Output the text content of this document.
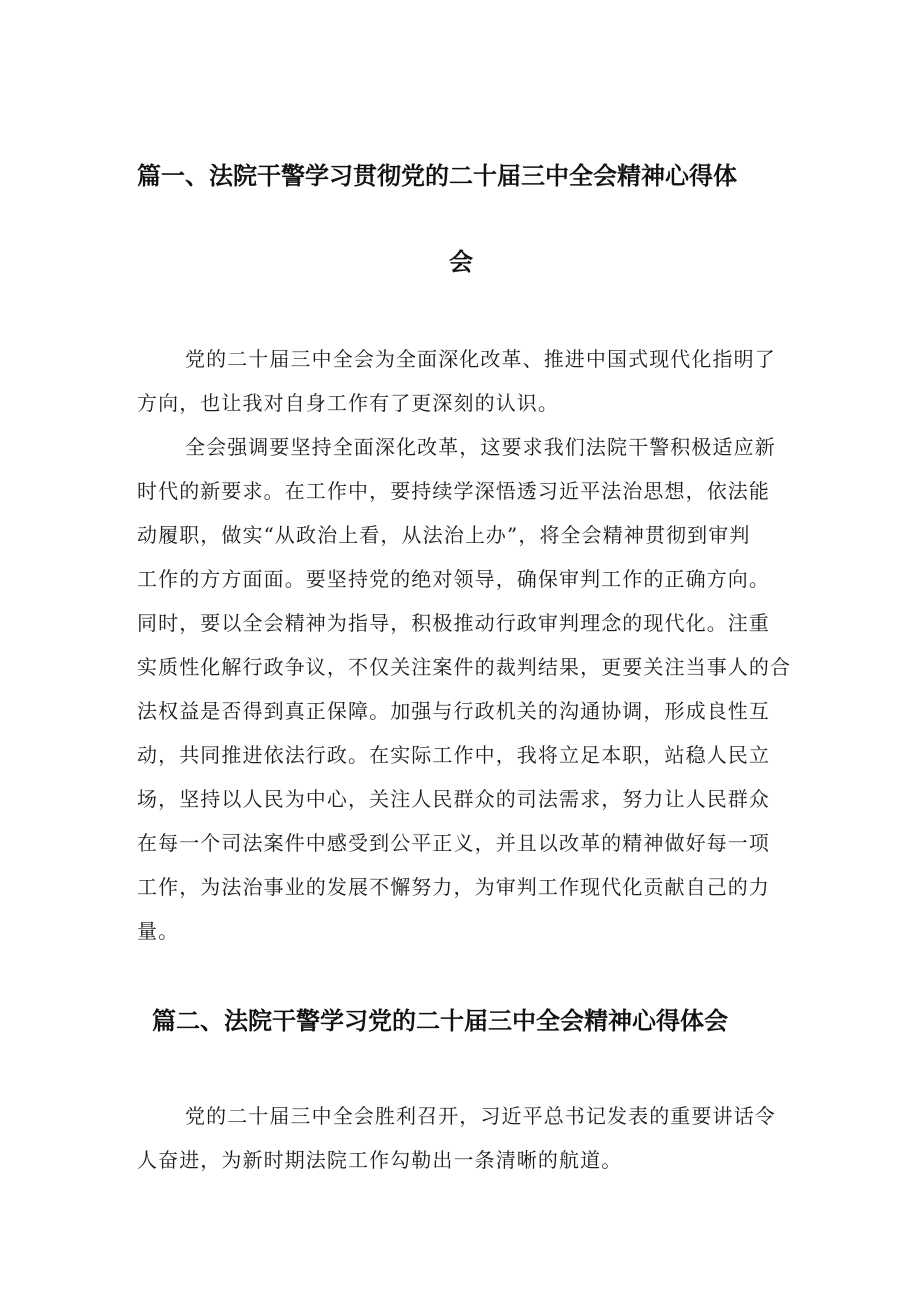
篇一、法院干警学习贯彻党的二十届三中全会精神心得体
会

党的二十届三中全会为全面深化改革、推进中国式现代化指明了
方向，也让我对自身工作有了更深刻的认识。

全会强调要坚持全面深化改革，这要求我们法院干警积极适应新
时代的新要求。在工作中，要持续学深悟透习近平法治思想，依法能
动履职，做实“从政治上看，从法治上办”，将全会精神贯彻到审判
工作的方方面面。要坚持党的绝对领导，确保审判工作的正确方向。
同时，要以全会精神为指导，积极推动行政审判理念的现代化。注重
实质性化解行政争议，不仅关注案件的裁判结果，更要关注当事人的合
法权益是否得到真正保障。加强与行政机关的沟通协调，形成良性互
动，共同推进依法行政。在实际工作中，我将立足本职，站稳人民立
场，坚持以人民为中心，关注人民群众的司法需求，努力让人民群众
在每一个司法案件中感受到公平正义，并且以改革的精神做好每一项
工作，为法治事业的发展不懈努力，为审判工作现代化贡献自己的力
量。

篇二、法院干警学习党的二十届三中全会精神心得体会

党的二十届三中全会胜利召开，习近平总书记发表的重要讲话令
人奋进，为新时期法院工作勾勒出一条清晰的航道。
